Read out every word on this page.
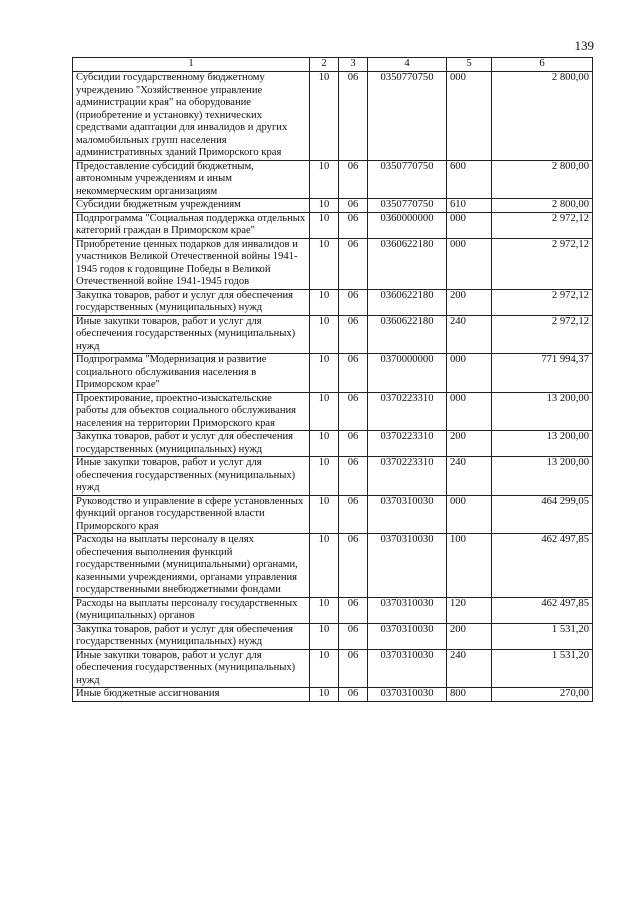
139
1	2	3	4	5	6
Субсидии государственному бюджетному учреждению "Хозяйственное управление администрации края" на оборудование (приобретение и установку) технических средствами адаптации для инвалидов и других маломобильных групп населения административных зданий Приморского края	10	06	0350770750	000	2 800,00
Предоставление субсидий бюджетным, автономным учреждениям и иным некоммерческим организациям	10	06	0350770750	600	2 800,00
Субсидии бюджетным учреждениям	10	06	0350770750	610	2 800,00
Подпрограмма "Социальная поддержка отдельных категорий граждан в Приморском крае"	10	06	0360000000	000	2 972,12
Приобретение ценных подарков для инвалидов и участников Великой Отечественной войны 1941-1945 годов к годовщине Победы в Великой Отечественной войне 1941-1945 годов	10	06	0360622180	000	2 972,12
Закупка товаров, работ и услуг для обеспечения государственных (муниципальных) нужд	10	06	0360622180	200	2 972,12
Иные закупки товаров, работ и услуг для обеспечения государственных (муниципальных) нужд	10	06	0360622180	240	2 972,12
Подпрограмма "Модернизация и развитие социального обслуживания населения в Приморском крае"	10	06	0370000000	000	771 994,37
Проектирование, проектно-изыскательские работы для объектов социального обслуживания населения на территории Приморского края	10	06	0370223310	000	13 200,00
Закупка товаров, работ и услуг для обеспечения государственных (муниципальных) нужд	10	06	0370223310	200	13 200,00
Иные закупки товаров, работ и услуг для обеспечения государственных (муниципальных) нужд	10	06	0370223310	240	13 200,00
Руководство и управление в сфере установленных функций органов государственной власти Приморского края	10	06	0370310030	000	464 299,05
Расходы на выплаты персоналу в целях обеспечения выполнения функций государственными (муниципальными) органами, казенными учреждениями, органами управления государственными внебюджетными фондами	10	06	0370310030	100	462 497,85
Расходы на выплаты персоналу государственных (муниципальных) органов	10	06	0370310030	120	462 497,85
Закупка товаров, работ и услуг для обеспечения государственных (муниципальных) нужд	10	06	0370310030	200	1 531,20
Иные закупки товаров, работ и услуг для обеспечения государственных (муниципальных) нужд	10	06	0370310030	240	1 531,20
Иные бюджетные ассигнования	10	06	0370310030	800	270,00
